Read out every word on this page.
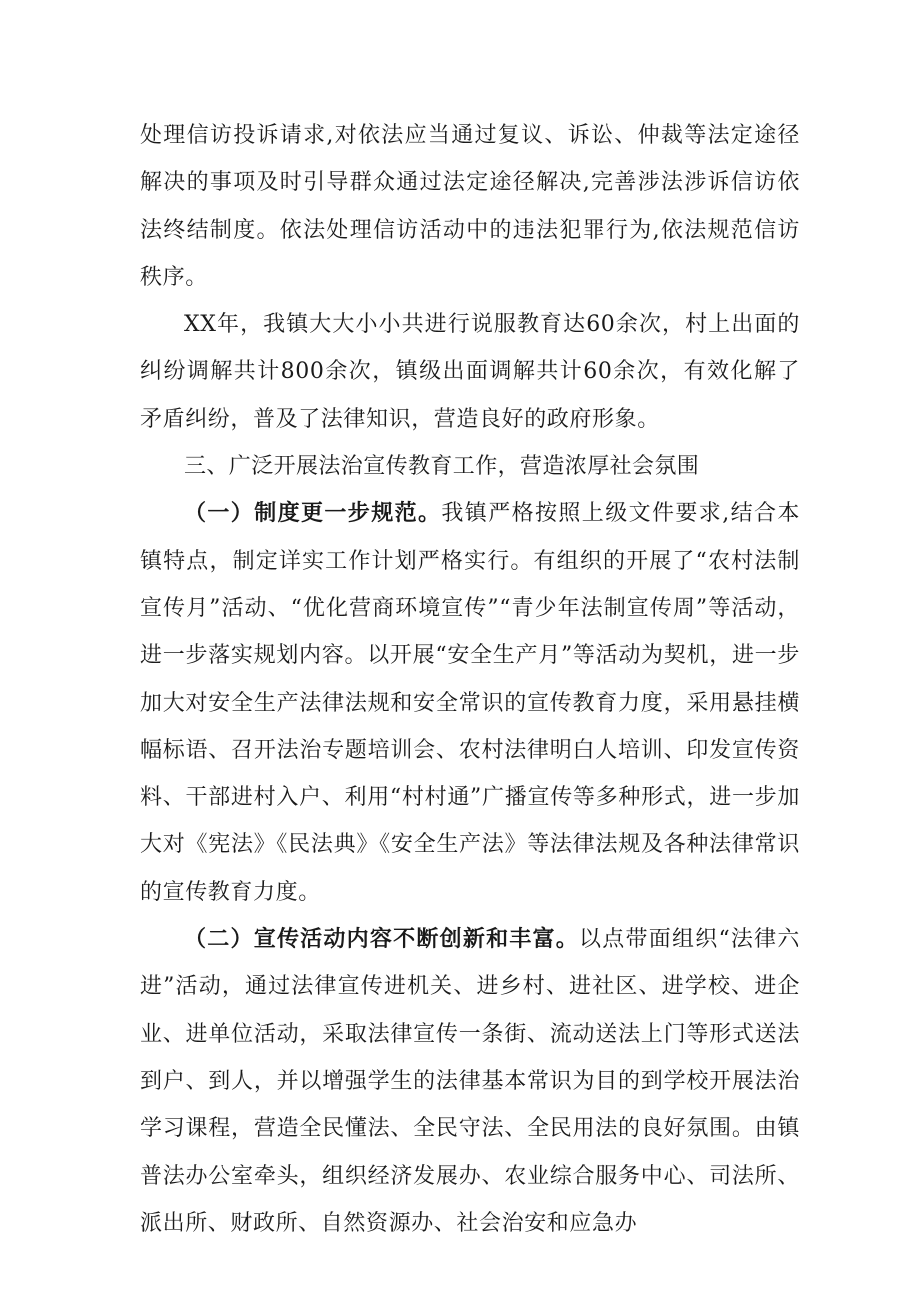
处理信访投诉请求,对依法应当通过复议、诉讼、仲裁等法定途径解决的事项及时引导群众通过法定途径解决,完善涉法涉诉信访依法终结制度。依法处理信访活动中的违法犯罪行为,依法规范信访秩序。

XX年，我镇大大小小共进行说服教育达60余次，村上出面的纠纷调解共计800余次，镇级出面调解共计60余次，有效化解了矛盾纠纷，普及了法律知识，营造良好的政府形象。

三、广泛开展法治宣传教育工作，营造浓厚社会氛围

（一）制度更一步规范。我镇严格按照上级文件要求,结合本镇特点，制定详实工作计划严格实行。有组织的开展了“农村法制宣传月”活动、“优化营商环境宣传”“青少年法制宣传周”等活动，进一步落实规划内容。以开展“安全生产月”等活动为契机，进一步加大对安全生产法律法规和安全常识的宣传教育力度，采用悬挂横幅标语、召开法治专题培训会、农村法律明白人培训、印发宣传资料、干部进村入户、利用“村村通”广播宣传等多种形式，进一步加大对《宪法》《民法典》《安全生产法》等法律法规及各种法律常识的宣传教育力度。

（二）宣传活动内容不断创新和丰富。以点带面组织“法律六进”活动，通过法律宣传进机关、进乡村、进社区、进学校、进企业、进单位活动，采取法律宣传一条街、流动送法上门等形式送法到户、到人，并以增强学生的法律基本常识为目的到学校开展法治学习课程，营造全民懂法、全民守法、全民用法的良好氛围。由镇普法办公室牵头，组织经济发展办、农业综合服务中心、司法所、派出所、财政所、自然资源办、社会治安和应急办
